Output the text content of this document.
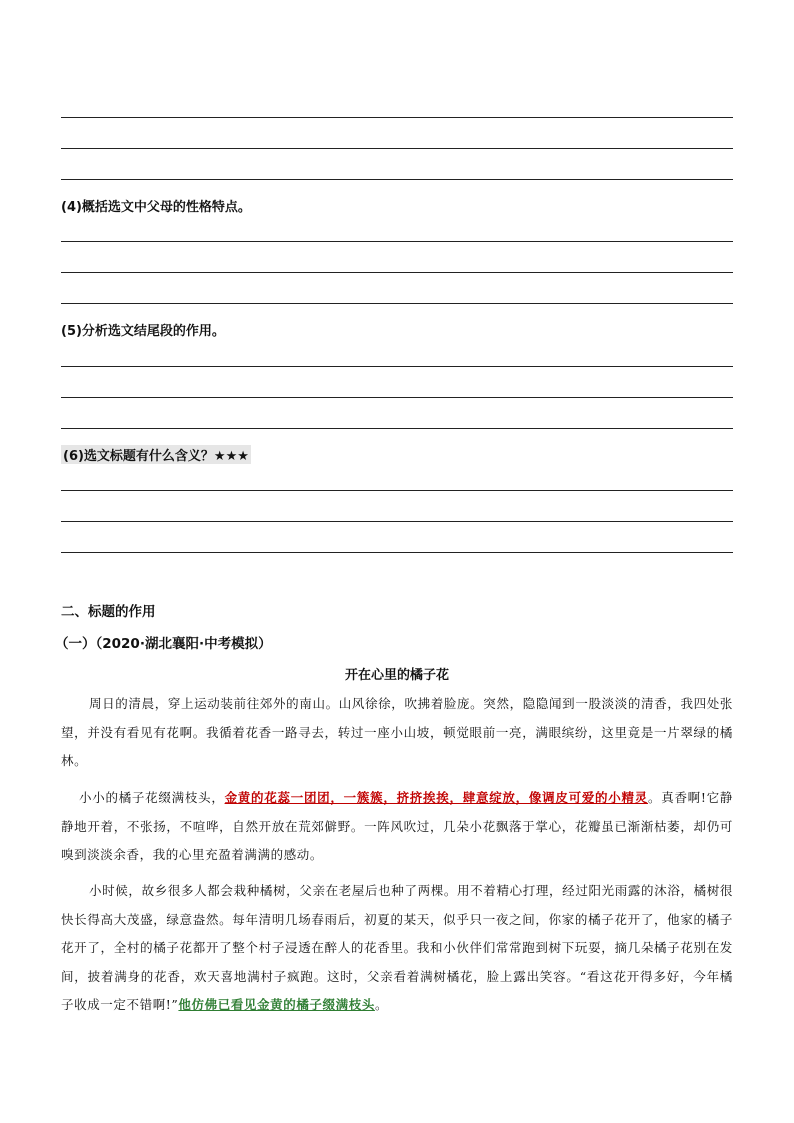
(4)概括选文中父母的性格特点。
(5)分析选文结尾段的作用。
(6)选文标题有什么含义？★★★
二、标题的作用
（一）（2020·湖北襄阳·中考模拟）
开在心里的橘子花
周日的清晨，穿上运动装前往郊外的南山。山风徐徐，吹拂着脸庞。突然，隐隐闻到一股淡淡的清香，我四处张望，并没有看见有花啊。我循着花香一路寻去，转过一座小山坡，顿觉眼前一亮，满眼缤纷，这里竟是一片翠绿的橘林。
小小的橘子花缀满枝头，金黄的花蕊一团团，一簇簇，挤挤挨挨，肆意绽放，像调皮可爱的小精灵。真香啊!它静静地开着，不张扬，不喧哗，自然开放在荒郊僻野。一阵风吹过，几朵小花飘落于掌心，花瓣虽已渐渐枯萎，却仍可嗅到淡淡余香，我的心里充盈着满满的感动。
小时候，故乡很多人都会栽种橘树，父亲在老屋后也种了两棵。用不着精心打理，经过阳光雨露的沐浴，橘树很快长得高大茂盛，绿意盎然。每年清明几场春雨后，初夏的某天，似乎只一夜之间，你家的橘子花开了，他家的橘子花开了，全村的橘子花都开了整个村子浸透在醉人的花香里。我和小伙伴们常常跑到树下玩耍，摘几朵橘子花别在发间，披着满身的花香，欢天喜地满村子疯跑。这时，父亲看着满树橘花，脸上露出笑容。“看这花开得多好，今年橘子收成一定不错啊!”他仿佛已看见金黄的橘子缀满枝头。
